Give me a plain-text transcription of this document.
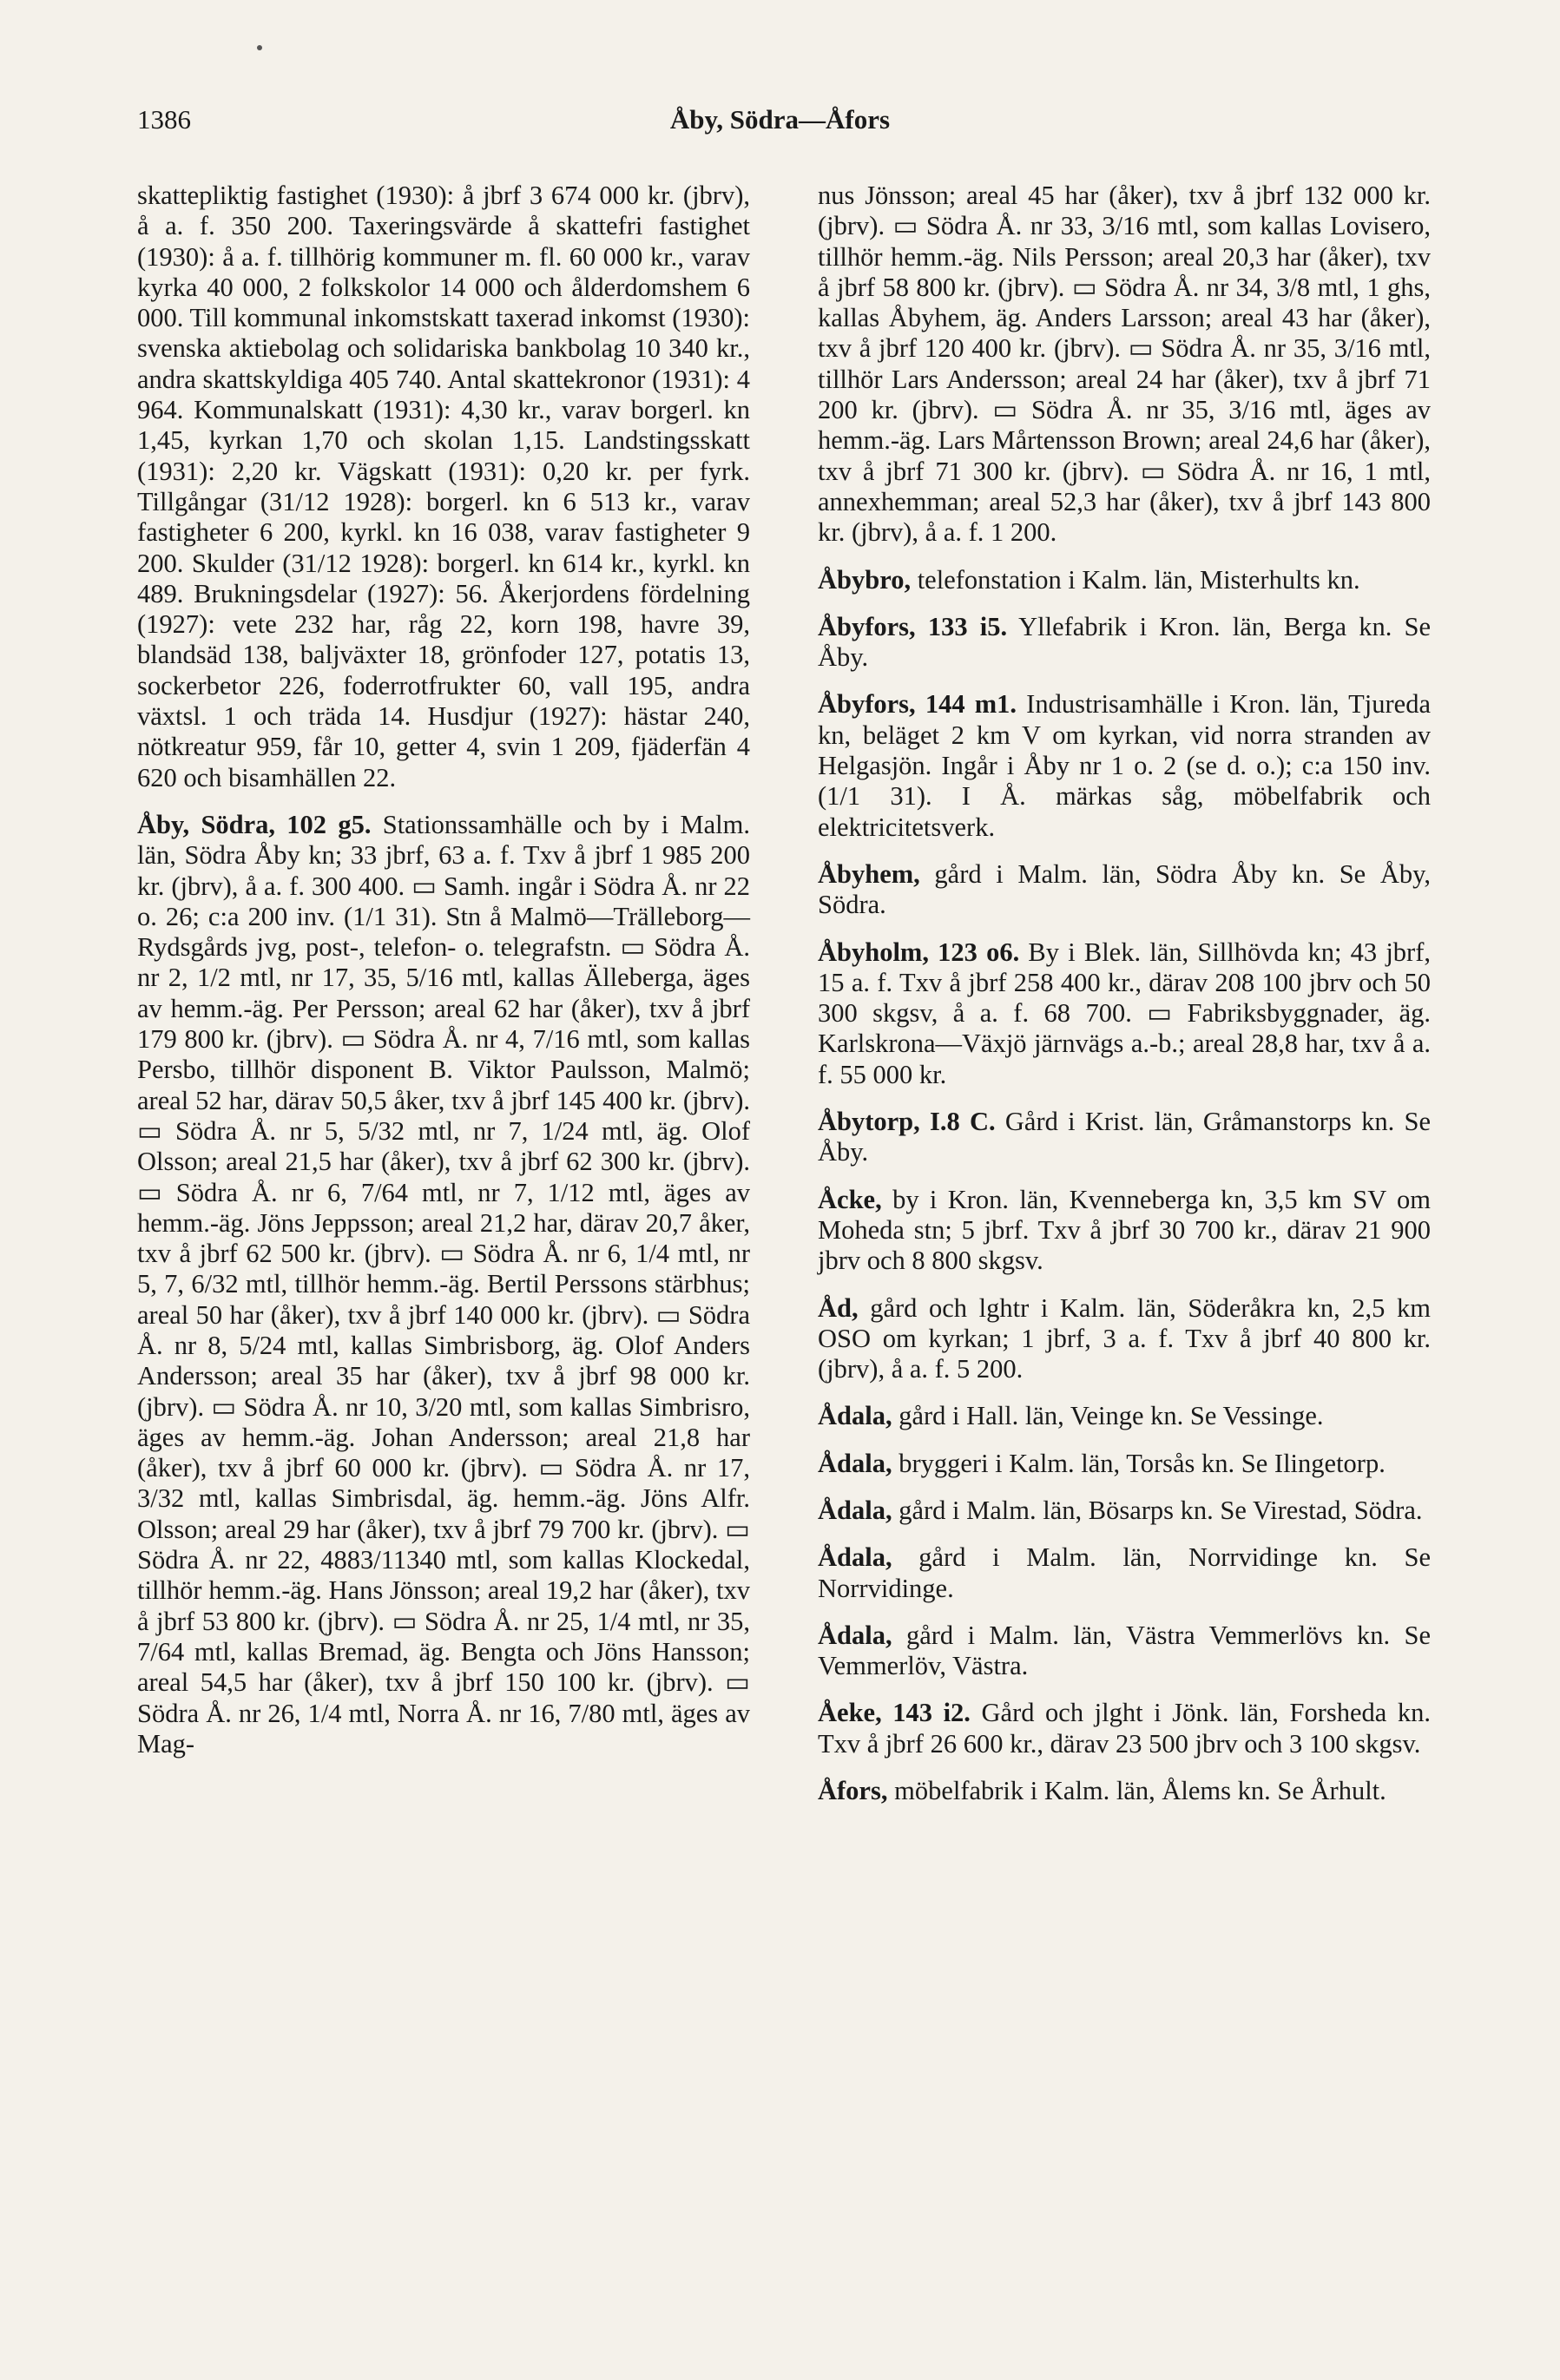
1386	Åby, Södra—Åfors

skattepliktig fastighet (1930): å jbrf 3 674 000 kr. (jbrv), å a. f. 350 200. Taxeringsvärde å skattefri fastighet (1930): å a. f. tillhörig kommuner m. fl. 60 000 kr., varav kyrka 40 000, 2 folkskolor 14 000 och ålderdomshem 6 000. Till kommunal inkomstskatt taxerad inkomst (1930): svenska aktiebolag och solidariska bankbolag 10 340 kr., andra skattskyldiga 405 740. Antal skattekronor (1931): 4 964. Kommunalskatt (1931): 4,30 kr., varav borgerl. kn 1,45, kyrkan 1,70 och skolan 1,15. Landstingsskatt (1931): 2,20 kr. Vägskatt (1931): 0,20 kr. per fyrk. Tillgångar (31/12 1928): borgerl. kn 6 513 kr., varav fastigheter 6 200, kyrkl. kn 16 038, varav fastigheter 9 200. Skulder (31/12 1928): borgerl. kn 614 kr., kyrkl. kn 489. Brukningsdelar (1927): 56. Åkerjordens fördelning (1927): vete 232 har, råg 22, korn 198, havre 39, blandsäd 138, baljväxter 18, grönfoder 127, potatis 13, sockerbetor 226, foderrotfrukter 60, vall 195, andra växtsl. 1 och träda 14. Husdjur (1927): hästar 240, nötkreatur 959, får 10, getter 4, svin 1 209, fjäderfän 4 620 och bisamhällen 22.

Åby, Södra, 102 g5. Stationssamhälle och by i Malm. län, Södra Åby kn; 33 jbrf, 63 a. f. Txv å jbrf 1 985 200 kr. (jbrv), å a. f. 300 400. ▭ Samh. ingår i Södra Å. nr 22 o. 26; c:a 200 inv. (1/1 31). Stn å Malmö—Trälleborg—Rydsgårds jvg, post-, telefon- o. telegrafstn. ▭ Södra Å. nr 2, 1/2 mtl, nr 17, 35, 5/16 mtl, kallas Älleberga, äges av hemm.-äg. Per Persson; areal 62 har (åker), txv å jbrf 179 800 kr. (jbrv). ▭ Södra Å. nr 4, 7/16 mtl, som kallas Persbo, tillhör disponent B. Viktor Paulsson, Malmö; areal 52 har, därav 50,5 åker, txv å jbrf 145 400 kr. (jbrv). ▭ Södra Å. nr 5, 5/32 mtl, nr 7, 1/24 mtl, äg. Olof Olsson; areal 21,5 har (åker), txv å jbrf 62 300 kr. (jbrv). ▭ Södra Å. nr 6, 7/64 mtl, nr 7, 1/12 mtl, äges av hemm.-äg. Jöns Jeppsson; areal 21,2 har, därav 20,7 åker, txv å jbrf 62 500 kr. (jbrv). ▭ Södra Å. nr 6, 1/4 mtl, nr 5, 7, 6/32 mtl, tillhör hemm.-äg. Bertil Perssons stärbhus; areal 50 har (åker), txv å jbrf 140 000 kr. (jbrv). ▭ Södra Å. nr 8, 5/24 mtl, kallas Simbrisborg, äg. Olof Anders Andersson; areal 35 har (åker), txv å jbrf 98 000 kr. (jbrv). ▭ Södra Å. nr 10, 3/20 mtl, som kallas Simbrisro, äges av hemm.-äg. Johan Andersson; areal 21,8 har (åker), txv å jbrf 60 000 kr. (jbrv). ▭ Södra Å. nr 17, 3/32 mtl, kallas Simbrisdal, äg. hemm.-äg. Jöns Alfr. Olsson; areal 29 har (åker), txv å jbrf 79 700 kr. (jbrv). ▭ Södra Å. nr 22, 4883/11340 mtl, som kallas Klockedal, tillhör hemm.-äg. Hans Jönsson; areal 19,2 har (åker), txv å jbrf 53 800 kr. (jbrv). ▭ Södra Å. nr 25, 1/4 mtl, nr 35, 7/64 mtl, kallas Bremad, äg. Bengta och Jöns Hansson; areal 54,5 har (åker), txv å jbrf 150 100 kr. (jbrv). ▭ Södra Å. nr 26, 1/4 mtl, Norra Å. nr 16, 7/80 mtl, äges av Mag-

nus Jönsson; areal 45 har (åker), txv å jbrf 132 000 kr. (jbrv). ▭ Södra Å. nr 33, 3/16 mtl, som kallas Lovisero, tillhör hemm.-äg. Nils Persson; areal 20,3 har (åker), txv å jbrf 58 800 kr. (jbrv). ▭ Södra Å. nr 34, 3/8 mtl, 1 ghs, kallas Åbyhem, äg. Anders Larsson; areal 43 har (åker), txv å jbrf 120 400 kr. (jbrv). ▭ Södra Å. nr 35, 3/16 mtl, tillhör Lars Andersson; areal 24 har (åker), txv å jbrf 71 200 kr. (jbrv). ▭ Södra Å. nr 35, 3/16 mtl, äges av hemm.-äg. Lars Mårtensson Brown; areal 24,6 har (åker), txv å jbrf 71 300 kr. (jbrv). ▭ Södra Å. nr 16, 1 mtl, annexhemman; areal 52,3 har (åker), txv å jbrf 143 800 kr. (jbrv), å a. f. 1 200.

Åbybro, telefonstation i Kalm. län, Misterhults kn.

Åbyfors, 133 i5. Yllefabrik i Kron. län, Berga kn. Se Åby.

Åbyfors, 144 m1. Industrisamhälle i Kron. län, Tjureda kn, beläget 2 km V om kyrkan, vid norra stranden av Helgasjön. Ingår i Åby nr 1 o. 2 (se d. o.); c:a 150 inv. (1/1 31). I Å. märkas såg, möbelfabrik och elektricitetsverk.

Åbyhem, gård i Malm. län, Södra Åby kn. Se Åby, Södra.

Åbyholm, 123 o6. By i Blek. län, Sillhövda kn; 43 jbrf, 15 a. f. Txv å jbrf 258 400 kr., därav 208 100 jbrv och 50 300 skgsv, å a. f. 68 700. ▭ Fabriksbyggnader, äg. Karlskrona—Växjö järnvägs a.-b.; areal 28,8 har, txv å a. f. 55 000 kr.

Åbytorp, I.8 C. Gård i Krist. län, Gråmanstorps kn. Se Åby.

Åcke, by i Kron. län, Kvenneberga kn, 3,5 km SV om Moheda stn; 5 jbrf. Txv å jbrf 30 700 kr., därav 21 900 jbrv och 8 800 skgsv.

Åd, gård och lghtr i Kalm. län, Söderåkra kn, 2,5 km OSO om kyrkan; 1 jbrf, 3 a. f. Txv å jbrf 40 800 kr. (jbrv), å a. f. 5 200.

Ådala, gård i Hall. län, Veinge kn. Se Vessinge.

Ådala, bryggeri i Kalm. län, Torsås kn. Se Ilingetorp.

Ådala, gård i Malm. län, Bösarps kn. Se Virestad, Södra.

Ådala, gård i Malm. län, Norrvidinge kn. Se Norrvidinge.

Ådala, gård i Malm. län, Västra Vemmerlövs kn. Se Vemmerlöv, Västra.

Åeke, 143 i2. Gård och jlght i Jönk. län, Forsheda kn. Txv å jbrf 26 600 kr., därav 23 500 jbrv och 3 100 skgsv.

Åfors, möbelfabrik i Kalm. län, Ålems kn. Se Århult.
